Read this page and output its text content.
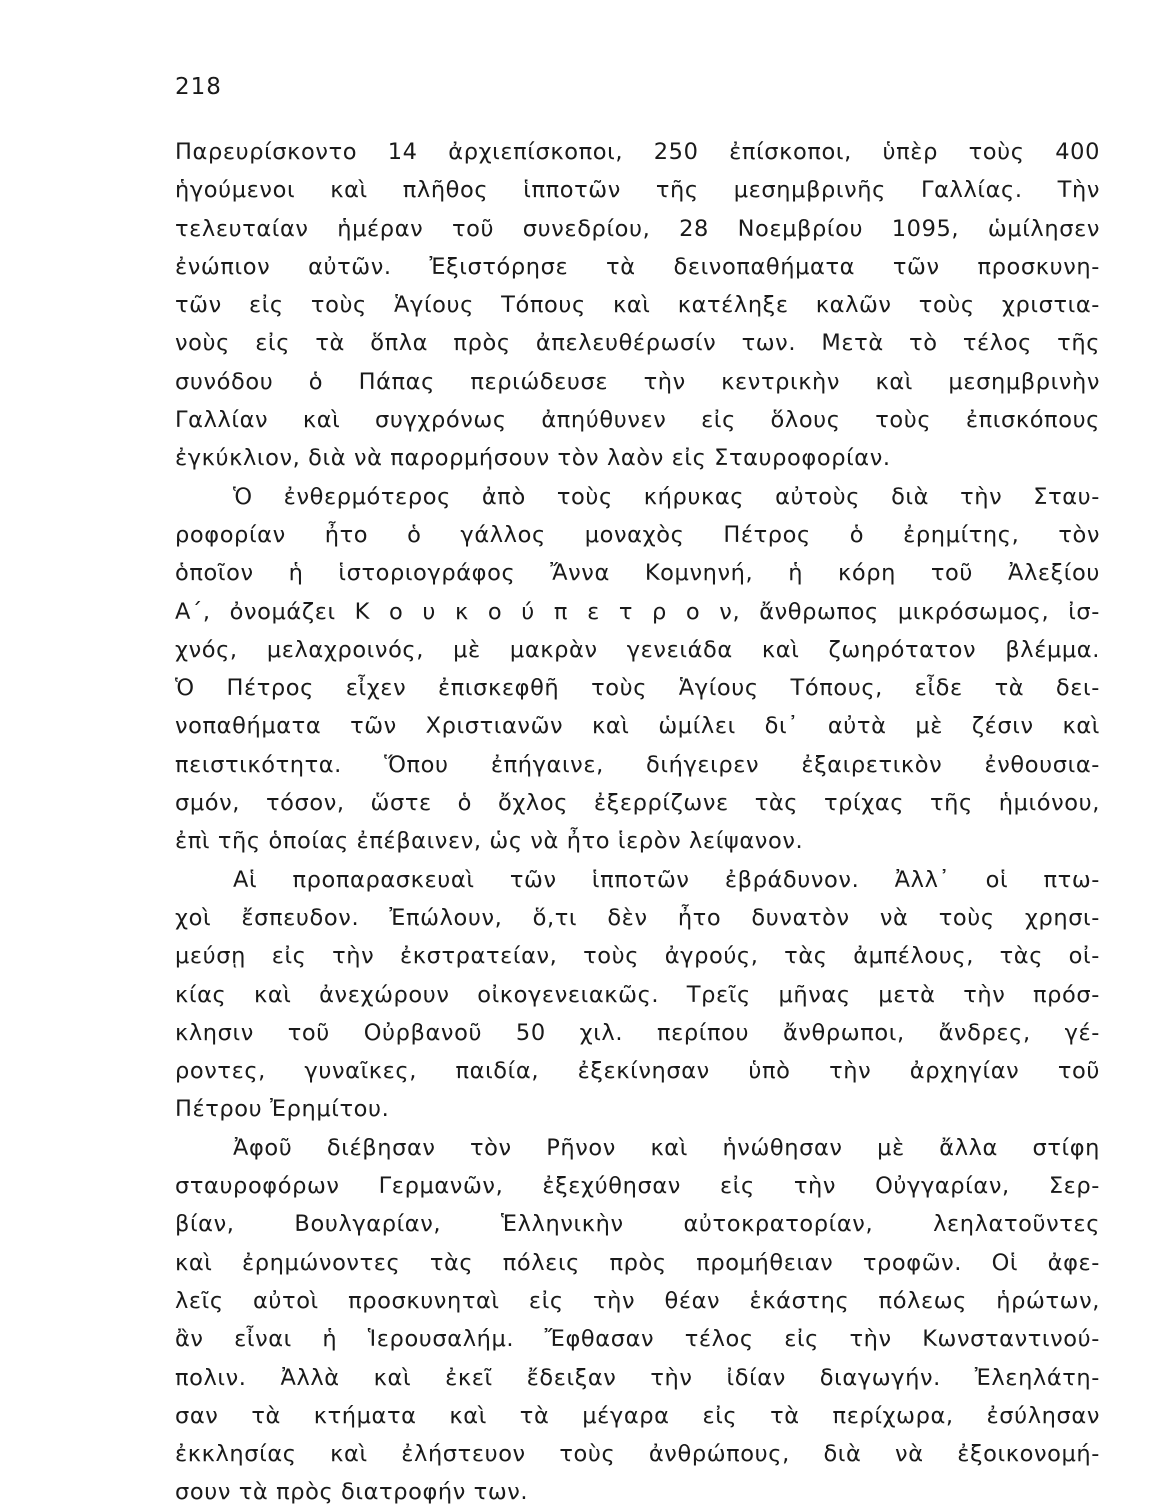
218
Παρευρίσκοντο 14 ἀρχιεπίσκοποι, 250 ἐπίσκοποι, ὑπὲρ τοὺς 400
ἡγούμενοι καὶ πλῆθος ἱπποτῶν τῆς μεσημβρινῆς Γαλλίας. Τὴν
τελευταίαν ἡμέραν τοῦ συνεδρίου, 28 Νοεμβρίου 1095, ὡμίλησεν
ἐνώπιον αὐτῶν. Ἐξιστόρησε τὰ δεινοπαθήματα τῶν προσκυνη-
τῶν εἰς τοὺς Ἁγίους Τόπους καὶ κατέληξε καλῶν τοὺς χριστια-
νοὺς εἰς τὰ ὅπλα πρὸς ἀπελευθέρωσίν των. Μετὰ τὸ τέλος τῆς
συνόδου ὁ Πάπας περιώδευσε τὴν κεντρικὴν καὶ μεσημβρινὴν
Γαλλίαν καὶ συγχρόνως ἀπηύθυνεν εἰς ὅλους τοὺς ἐπισκόπους
ἐγκύκλιον, διὰ νὰ παρορμήσουν τὸν λαὸν εἰς Σταυροφορίαν.
Ὁ ἐνθερμότερος ἀπὸ τοὺς κήρυκας αὐτοὺς διὰ τὴν Σταυ-
ροφορίαν ἦτο ὁ γάλλος μοναχὸς Πέτρος ὁ ἐρημίτης, τὸν
ὁποῖον ἡ ἱστοριογράφος Ἄννα Κομνηνή, ἡ κόρη τοῦ Ἀλεξίου
Α΄, ὀνομάζει Κ ο υ κ ο ύ π ε τ ρ ο ν, ἄνθρωπος μικρόσωμος, ἰσ-
χνός, μελαχροινός, μὲ μακρὰν γενειάδα καὶ ζωηρότατον βλέμμα.
Ὁ Πέτρος εἶχεν ἐπισκεφθῆ τοὺς Ἁγίους Τόπους, εἶδε τὰ δει-
νοπαθήματα τῶν Χριστιανῶν καὶ ὡμίλει δι᾽ αὐτὰ μὲ ζέσιν καὶ
πειστικότητα. Ὅπου ἐπήγαινε, διήγειρεν ἐξαιρετικὸν ἐνθουσια-
σμόν, τόσον, ὥστε ὁ ὄχλος ἐξερρίζωνε τὰς τρίχας τῆς ἡμιόνου,
ἐπὶ τῆς ὁποίας ἐπέβαινεν, ὡς νὰ ἦτο ἱερὸν λείψανον.
Αἱ προπαρασκευαὶ τῶν ἱπποτῶν ἐβράδυνον. Ἀλλ᾽ οἱ πτω-
χοὶ ἔσπευδον. Ἐπώλουν, ὅ,τι δὲν ἦτο δυνατὸν νὰ τοὺς χρησι-
μεύσῃ εἰς τὴν ἐκστρατείαν, τοὺς ἀγρούς, τὰς ἀμπέλους, τὰς οἰ-
κίας καὶ ἀνεχώρουν οἰκογενειακῶς. Τρεῖς μῆνας μετὰ τὴν πρόσ-
κλησιν τοῦ Οὐρβανοῦ 50 χιλ. περίπου ἄνθρωποι, ἄνδρες, γέ-
ροντες, γυναῖκες, παιδία, ἐξεκίνησαν ὑπὸ τὴν ἀρχηγίαν τοῦ
Πέτρου Ἐρημίτου.
Ἀφοῦ διέβησαν τὸν Ρῆνον καὶ ἡνώθησαν μὲ ἄλλα στίφη
σταυροφόρων Γερμανῶν, ἐξεχύθησαν εἰς τὴν Οὐγγαρίαν, Σερ-
βίαν, Βουλγαρίαν, Ἑλληνικὴν αὐτοκρατορίαν, λεηλατοῦντες
καὶ ἐρημώνοντες τὰς πόλεις πρὸς προμήθειαν τροφῶν. Οἱ ἀφε-
λεῖς αὐτοὶ προσκυνηταὶ εἰς τὴν θέαν ἑκάστης πόλεως ἡρώτων,
ἂν εἶναι ἡ Ἱερουσαλήμ. Ἔφθασαν τέλος εἰς τὴν Κωνσταντινού-
πολιν. Ἀλλὰ καὶ ἐκεῖ ἔδειξαν τὴν ἰδίαν διαγωγήν. Ἐλεηλάτη-
σαν τὰ κτήματα καὶ τὰ μέγαρα εἰς τὰ περίχωρα, ἐσύλησαν
ἐκκλησίας καὶ ἐλήστευον τοὺς ἀνθρώπους, διὰ νὰ ἐξοικονομή-
σουν τὰ πρὸς διατροφήν των.
